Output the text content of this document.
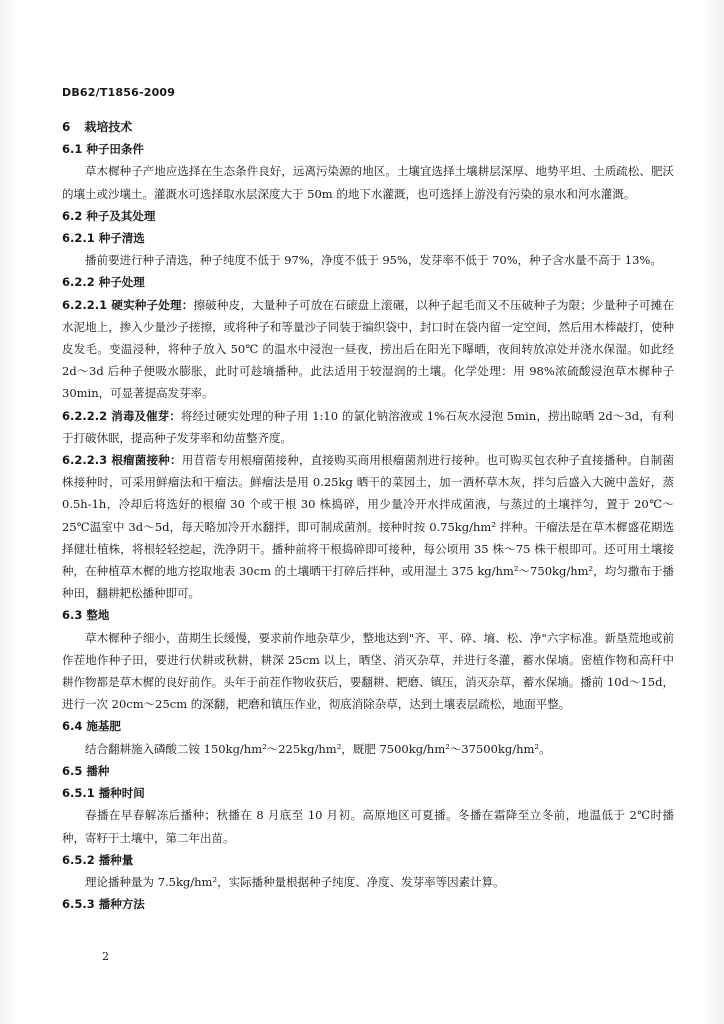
DB62/T1856-2009
6 栽培技术
6.1 种子田条件
草木樨种子产地应选择在生态条件良好，远离污染源的地区。土壤宜选择土壤耕层深厚、地势平坦、土质疏松、肥沃的壤土或沙壤土。灌溉水可选择取水层深度大于 50m 的地下水灌溉，也可选择上游没有污染的泉水和河水灌溉。
6.2 种子及其处理
6.2.1 种子清选
播前要进行种子清选，种子纯度不低于 97%，净度不低于 95%，发芽率不低于 70%，种子含水量不高于 13%。
6.2.2 种子处理
6.2.2.1 硬实种子处理：擦破种皮，大量种子可放在石磙盘上滚碾，以种子起毛而又不压破种子为限；少量种子可摊在水泥地上，掺入少量沙子搓擦，或将种子和等量沙子同装于编织袋中，封口时在袋内留一定空间，然后用木棒敲打，使种皮发毛。变温浸种，将种子放入 50℃ 的温水中浸泡一昼夜，捞出后在阳光下曝晒，夜间转放凉处并浇水保湿。如此经 2d～3d 后种子便吸水膨胀，此时可趁墒播种。此法适用于较湿润的土壤。化学处理：用 98%浓硫酸浸泡草木樨种子 30min，可显著提高发芽率。
6.2.2.2 消毒及催芽：将经过硬实处理的种子用 1:10 的氯化钠溶液或 1%石灰水浸泡 5min，捞出晾晒 2d～3d，有利于打破休眠，提高种子发芽率和幼苗整齐度。
6.2.2.3 根瘤菌接种：用苜蓿专用根瘤菌接种，直接购买商用根瘤菌剂进行接种。也可购买包衣种子直接播种。自制菌株接种时，可采用鲜瘤法和干瘤法。鲜瘤法是用 0.25kg 晒干的菜园土，加一酒杯草木灰，拌匀后盛入大碗中盖好，蒸 0.5h-1h，冷却后将选好的根瘤 30 个或干根 30 株捣碎，用少量冷开水拌成菌液，与蒸过的土壤拌匀，置于 20℃～25℃温室中 3d～5d，每天略加冷开水翻拌，即可制成菌剂。接种时按 0.75kg/hm² 拌种。干瘤法是在草木樨盛花期选择健壮植株，将根轻轻挖起，洗净阴干。播种前将干根捣碎即可接种，每公顷用 35 株～75 株干根即可。还可用土壤接种，在种植草木樨的地方挖取地表 30cm 的土壤晒干打碎后拌种，或用湿土 375 kg/hm²～750kg/hm²，均匀撒布于播种田，翻耕耙松播种即可。
6.3 整地
草木樨种子细小，苗期生长缓慢，要求前作地杂草少，整地达到"齐、平、碎、墒、松、净"六字标准。新垦荒地或前作茬地作种子田，要进行伏耕或秋耕，耕深 25cm 以上，晒垡、消灭杂草，并进行冬灌，蓄水保墒。密植作物和高秆中耕作物都是草木樨的良好前作。头年于前茬作物收获后，要翻耕、耙磨、镇压，消灭杂草，蓄水保墒。播前 10d～15d，进行一次 20cm～25cm 的深翻，耙磨和镇压作业，彻底消除杂草，达到土壤表层疏松，地面平整。
6.4 施基肥
结合翻耕施入磷酸二铵 150kg/hm²～225kg/hm²，厩肥 7500kg/hm²～37500kg/hm²。
6.5 播种
6.5.1 播种时间
春播在早春解冻后播种；秋播在 8 月底至 10 月初。高原地区可夏播。冬播在霜降至立冬前，地温低于 2℃时播种，寄籽于土壤中，第二年出苗。
6.5.2 播种量
理论播种量为 7.5kg/hm²，实际播种量根据种子纯度、净度、发芽率等因素计算。
6.5.3 播种方法
2
